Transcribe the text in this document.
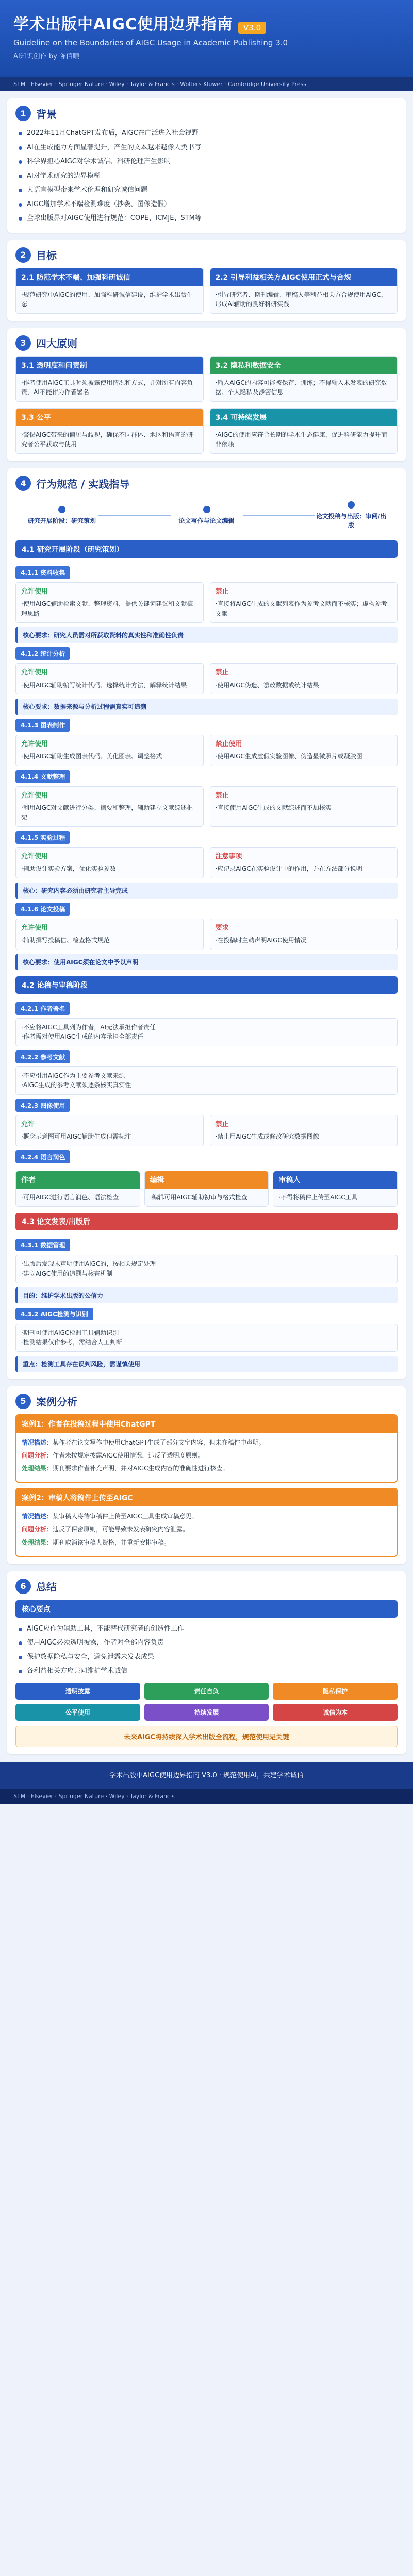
学术出版中AIGC使用边界指南 V3.0
Guideline on the Boundaries of AIGC Usage in Academic Publishing 3.0
AI知识创作 by 陈佰顺
STM · Elsevier · Springer Nature · Wiley · Taylor & Francis · Wolters Kluwer · Cambridge University Press
1 背景
2022年11月ChatGPT发布后，AIGC在广泛进入社会视野
AI在生成能力方面显著提升，产生的文本越来越像人类书写
科学界担心AIGC对学术诚信、科研伦理产生影响
AI对学术研究的边界模糊
大语言模型带来学术伦理和研究诚信问题
AIGC增加学术不端检测难度（抄袭、图像造假）
全球出版界对AIGC使用进行规范：COPE、ICMJE、STM等
2 目标
2.1 防范学术不端、加强科研诚信
·规范研究中AIGC的使用、加强科研诚信建设，维护学术出版生态
2.2 引导利益相关方AIGC使用正式与合规
·引导研究者、期刊编辑、审稿人等利益相关方合规使用AIGC，形成AI辅助的良好科研实践
3 四大原则
3.1 透明度和问责制
·作者使用AIGC工具时须披露使用情况和方式，并对所有内容负责，AI不能作为作者署名
3.2 隐私和数据安全
·输入AIGC的内容可能被保存、训练；不得输入未发表的研究数据、个人隐私及涉密信息
3.3 公平
·警惕AIGC带来的偏见与歧视，确保不同群体、地区和语言的研究者公平获取与使用
3.4 可持续发展
·AIGC的使用应符合长期的学术生态健康，促进科研能力提升而非依赖
4 行为规范 / 实践指导
研究开展阶段：研究策划	论文写作与论文编辑
论文投稿与出版：审阅/出版
4.1 研究开展阶段（研究策划）
4.1.1 资料收集
允许使用
·使用AIGC辅助检索文献、整理资料，提供关键词建议和文献梳理思路
禁止
·直接将AIGC生成的文献列表作为参考文献而不核实；虚构参考文献
核心要求：研究人员需对所获取资料的真实性和准确性负责
4.1.2 统计分析
允许使用
·使用AIGC辅助编写统计代码、选择统计方法，解释统计结果
禁止
·使用AIGC伪造、篡改数据或统计结果
核心要求：数据来源与分析过程需真实可追溯
4.1.3 图表制作
允许使用
·使用AIGC辅助生成图表代码、美化图表、调整格式
禁止使用
·使用AIGC生成虚假实验图像、伪造显微照片或凝胶图
4.1.4 文献整理
允许使用
·利用AIGC对文献进行分类、摘要和整理，辅助建立文献综述框架
禁止
·直接使用AIGC生成的文献综述而不加核实
4.1.5 实验过程
允许使用
·辅助设计实验方案，优化实验参数
注意事项
·应记录AIGC在实验设计中的作用，并在方法部分说明
核心：研究内容必须由研究者主导完成
4.1.6 论文投稿
允许使用
·辅助撰写投稿信、检查格式规范
要求
·在投稿时主动声明AIGC使用情况
核心要求：使用AIGC须在论文中予以声明
4.2 论稿与审稿阶段
4.2.1 作者署名
·不应将AIGC工具列为作者，AI无法承担作者责任
·作者需对使用AIGC生成的内容承担全部责任
4.2.2 参考文献
·不应引用AIGC作为主要参考文献来源
·AIGC生成的参考文献须逐条核实真实性
4.2.3 图像使用
允许
·概念示意图可用AIGC辅助生成但需标注
禁止
·禁止用AIGC生成或修改研究数据图像
4.2.4 语言润色
作者
·可用AIGC进行语言润色、语法检查
编辑
·编辑可用AIGC辅助初审与格式检查
审稿人
·不得将稿件上传至AIGC工具
4.3 论文发表/出版后
4.3.1 数据管理
·出版后发现未声明使用AIGC的，按相关规定处理
·建立AIGC使用的追溯与核查机制
目的：维护学术出版的公信力
4.3.2 AIGC检测与识别
·期刊可使用AIGC检测工具辅助识别
·检测结果仅作参考，需结合人工判断
重点：检测工具存在误判风险，需谨慎使用
5 案例分析
案例1：作者在投稿过程中使用ChatGPT

情况描述：某作者在论文写作中使用ChatGPT生成了部分文字内容，但未在稿件中声明。

问题分析：作者未按规定披露AIGC使用情况，违反了透明度原则。

处理结果：期刊要求作者补充声明，并对AIGC生成内容的准确性进行核查。

案例2：审稿人将稿件上传至AIGC

情况描述：某审稿人将待审稿件上传至AIGC工具生成审稿意见。

问题分析：违反了保密原则，可能导致未发表研究内容泄露。

处理结果：期刊取消该审稿人资格，并重新安排审稿。

6 总结
核心要点
AIGC应作为辅助工具，不能替代研究者的创造性工作
使用AIGC必须透明披露，作者对全部内容负责
保护数据隐私与安全，避免泄露未发表成果
各利益相关方应共同维护学术诚信
透明披露	责任自负	隐私保护
公平使用	持续发展	诚信为本
未来AIGC将持续深入学术出版全流程，规范使用是关键
学术出版中AIGC使用边界指南 V3.0 · 规范使用AI，共建学术诚信
STM · Elsevier · Springer Nature · Wiley · Taylor & Francis
